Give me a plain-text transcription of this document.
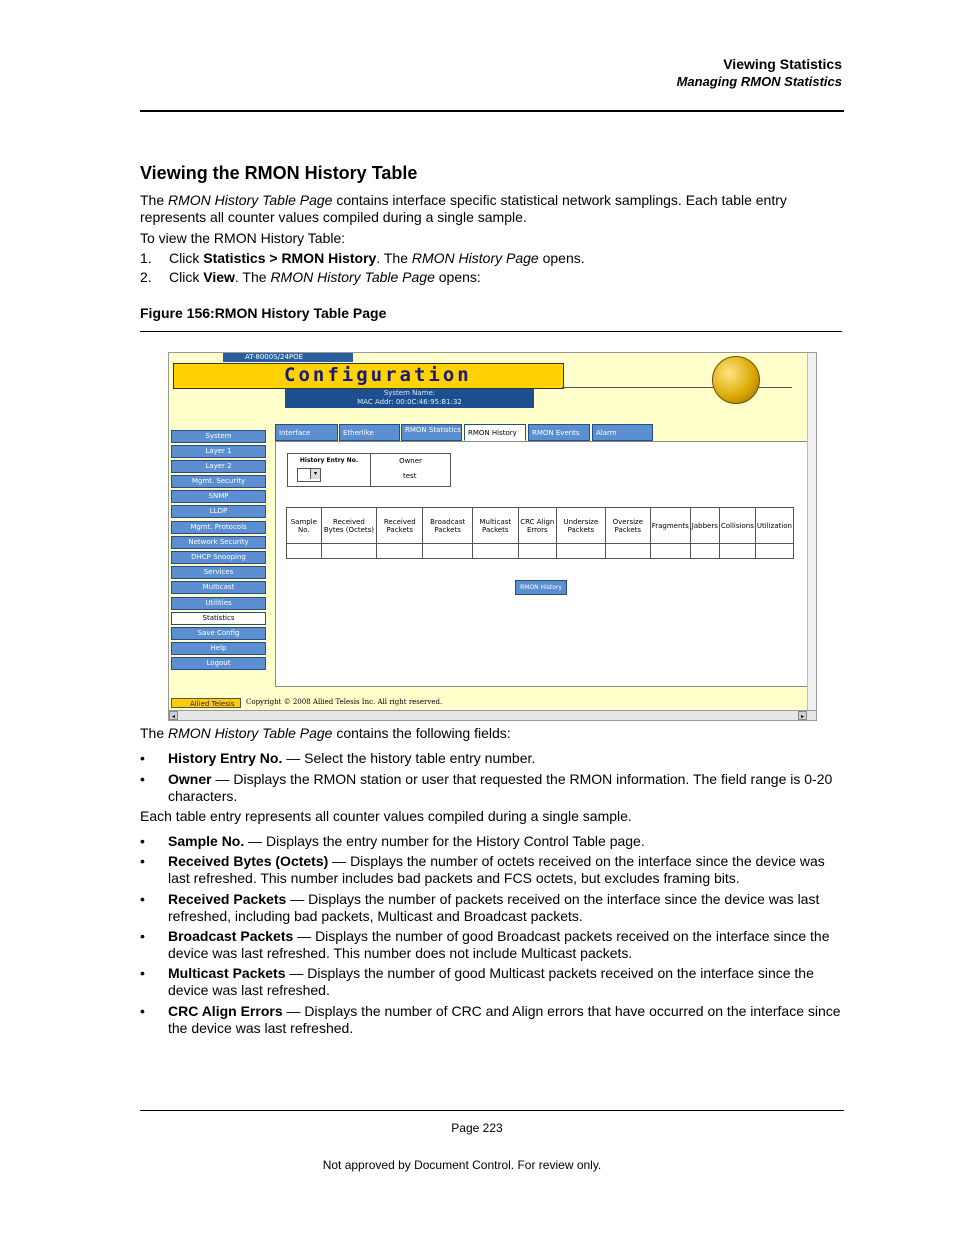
Viewing Statistics
Managing RMON Statistics
Viewing the RMON History Table
The RMON History Table Page contains interface specific statistical network samplings. Each table entry represents all counter values compiled during a single sample.
To view the RMON History Table:
1. Click Statistics > RMON History. The RMON History Page opens.
2. Click View. The RMON History Table Page opens:
Figure 156:RMON History Table Page
AT-8000S/24POE
Configuration
System Name:
MAC Addr: 00:0C:46:95:B1:32
System
Layer 1
Layer 2
Mgmt. Security
SNMP
LLDP
Mgmt. Protocols
Network Security
DHCP Snooping
Services
Multicast
Utilities
Statistics
Save Config
Help
Logout
Interface	Etherlike	RMON Statistics	RMON History	RMON Events	Alarm
History Entry No.	Owner
▾	test
Sample No.	Received Bytes (Octets)	Received Packets	Broadcast Packets	Multicast Packets	CRC Align Errors	Undersize Packets	Oversize Packets	Fragments	Jabbers	Collisions	Utilization

RMON History
Allied Telesis	Copyright © 2008 Allied Telesis Inc. All right reserved.
◂	▸
The RMON History Table Page contains the following fields:
• History Entry No. — Select the history table entry number.
• Owner — Displays the RMON station or user that requested the RMON information. The field range is 0-20 characters.
Each table entry represents all counter values compiled during a single sample.
• Sample No. — Displays the entry number for the History Control Table page.
• Received Bytes (Octets) — Displays the number of octets received on the interface since the device was last refreshed. This number includes bad packets and FCS octets, but excludes framing bits.
• Received Packets — Displays the number of packets received on the interface since the device was last refreshed, including bad packets, Multicast and Broadcast packets.
• Broadcast Packets — Displays the number of good Broadcast packets received on the interface since the device was last refreshed. This number does not include Multicast packets.
• Multicast Packets — Displays the number of good Multicast packets received on the interface since the device was last refreshed.
• CRC Align Errors — Displays the number of CRC and Align errors that have occurred on the interface since the device was last refreshed.
Page 223
Not approved by Document Control. For review only.
